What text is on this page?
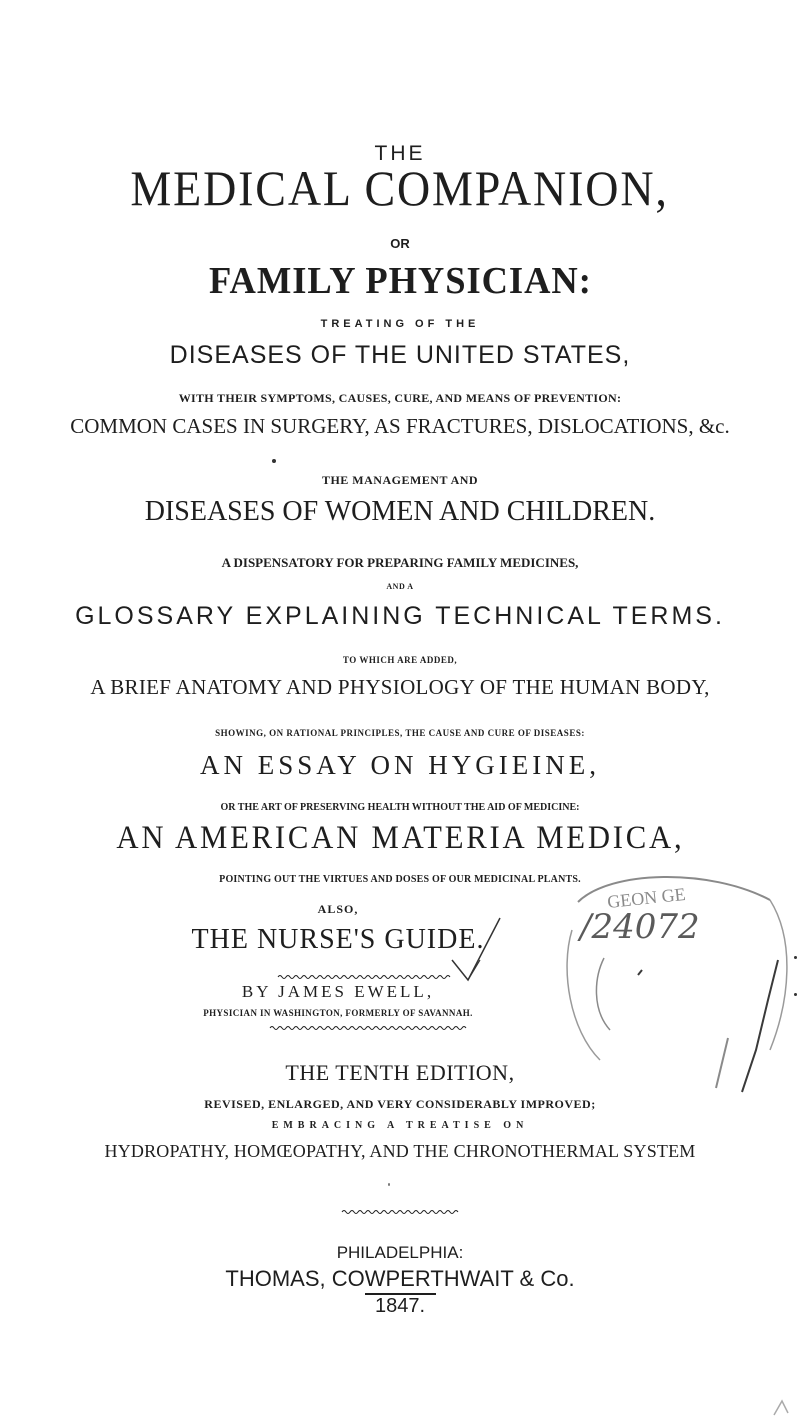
THE
MEDICAL COMPANION,
OR
FAMILY PHYSICIAN:
TREATING OF THE
DISEASES OF THE UNITED STATES,
WITH THEIR SYMPTOMS, CAUSES, CURE, AND MEANS OF PREVENTION:
COMMON CASES IN SURGERY, AS FRACTURES, DISLOCATIONS, &c.
THE MANAGEMENT AND
DISEASES OF WOMEN AND CHILDREN.
A DISPENSATORY FOR PREPARING FAMILY MEDICINES,
AND A
GLOSSARY EXPLAINING TECHNICAL TERMS.
TO WHICH ARE ADDED,
A BRIEF ANATOMY AND PHYSIOLOGY OF THE HUMAN BODY,
SHOWING, ON RATIONAL PRINCIPLES, THE CAUSE AND CURE OF DISEASES:
AN ESSAY ON HYGIEINE,
OR THE ART OF PRESERVING HEALTH WITHOUT THE AID OF MEDICINE:
AN AMERICAN MATERIA MEDICA,
POINTING OUT THE VIRTUES AND DOSES OF OUR MEDICINAL PLANTS.
ALSO,
THE NURSE'S GUIDE.
BY JAMES EWELL,
PHYSICIAN IN WASHINGTON, FORMERLY OF SAVANNAH.
THE TENTH EDITION,
REVISED, ENLARGED, AND VERY CONSIDERABLY IMPROVED;
EMBRACING A TREATISE ON
HYDROPATHY, HOMŒOPATHY, AND THE CHRONOTHERMAL SYSTEM
PHILADELPHIA:
THOMAS, COWPERTHWAIT & Co.
1847.
GEON GE
/24072
